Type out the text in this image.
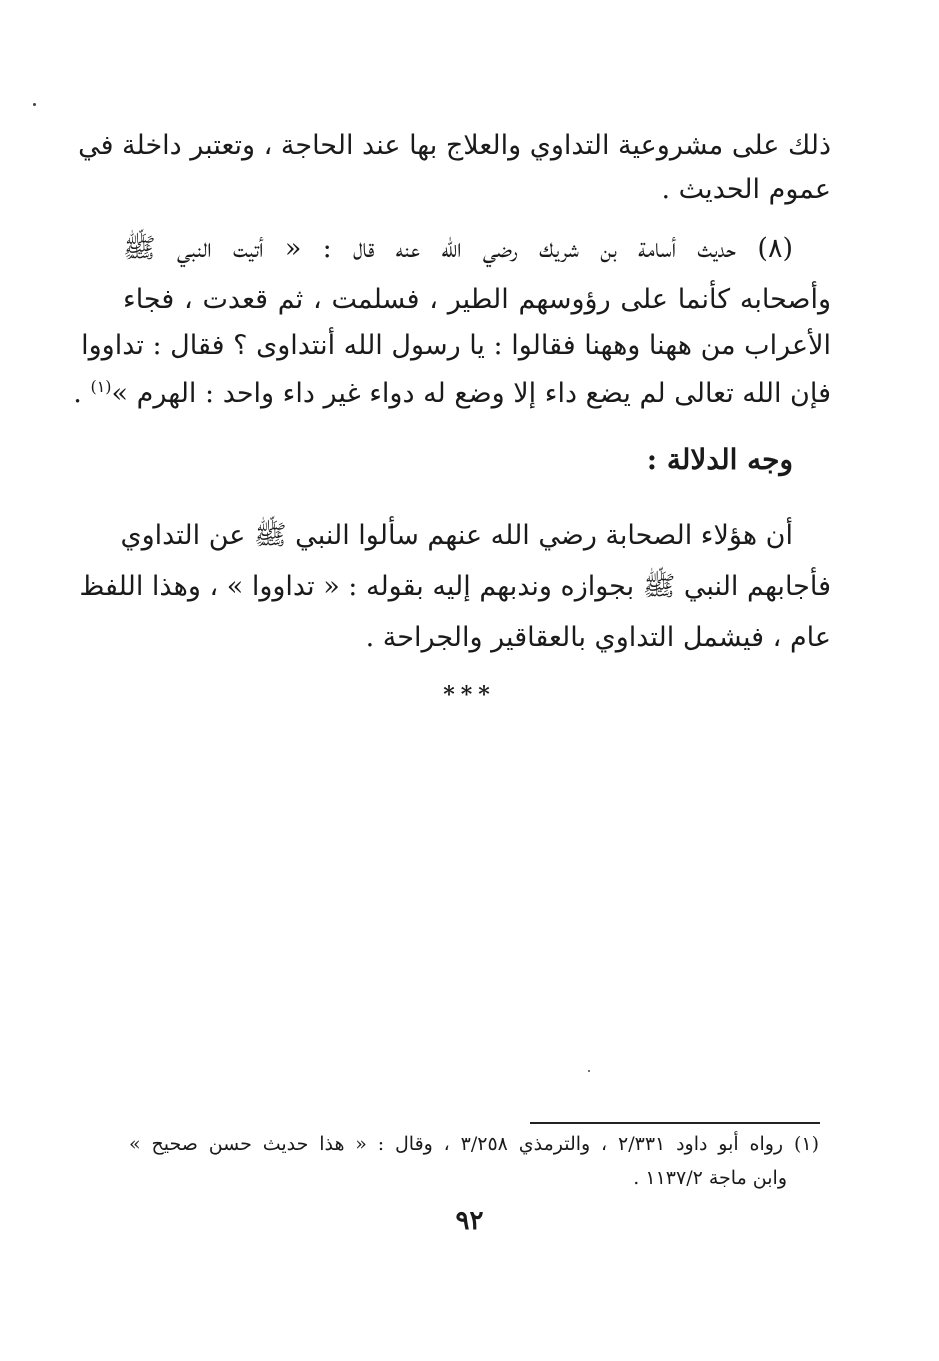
ذلك على مشروعية التداوي والعلاج بها عند الحاجة ، وتعتبر داخلة في
عموم الحديث .
(٨) حديث أسامة بن شريك رضي الله عنه قال : « أتيت النبي ﷺ
وأصحابه كأنما على رؤوسهم الطير ، فسلمت ، ثم قعدت ، فجاء
الأعراب من ههنا وههنا فقالوا : يا رسول الله أنتداوى ؟ فقال : تداووا
فإن الله تعالى لم يضع داء إلا وضع له دواء غير داء واحد : الهرم »$^{(١)}$ .
وجه الدلالة :
أن هؤلاء الصحابة رضي الله عنهم سألوا النبي ﷺ عن التداوي
فأجابهم النبي ﷺ بجوازه وندبهم إليه بقوله : « تداووا » ، وهذا اللفظ
عام ، فيشمل التداوي بالعقاقير والجراحة .
***
(١) رواه أبو داود ٢/٣٣١ ، والترمذي ٣/٢٥٨ ، وقال : « هذا حديث حسن صحيح »
وابن ماجة ١١٣٧/٢ .
٩٢
